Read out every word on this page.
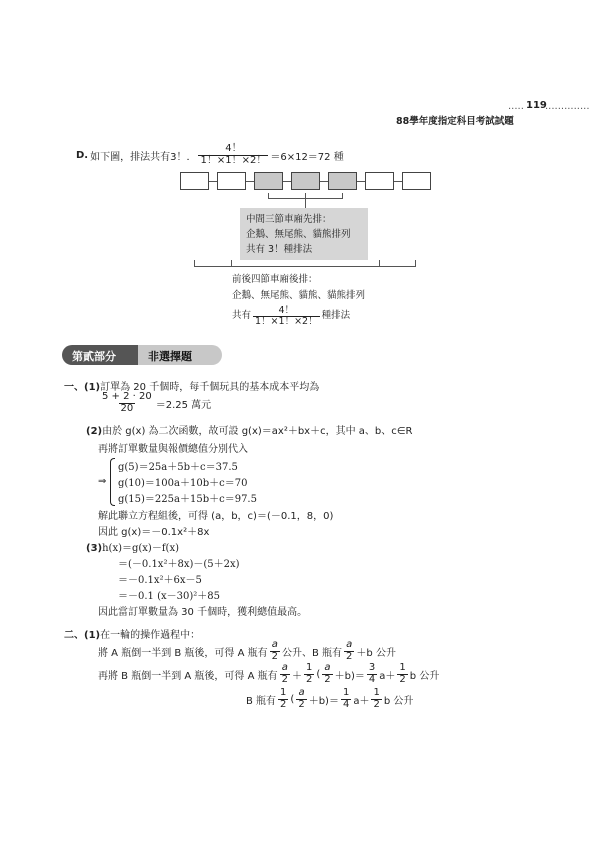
····· 119
··············
88學年度指定科目考試試題
D. 如下圖，排法共有3！． $\frac{4!}{1!\times 1!\times 2!} =6\times 12=72$ 種
中間三節車廂先排：
企鵝、無尾熊、貓熊排列
共有 3！種排法
前後四節車廂後排：
企鵝、無尾熊、貓熊、貓熊排列
共有 $\frac{4!}{1!\times 1!\times 2!}$ 種排法
第貳部分	非選擇題
一、(1)訂單為 20 千個時，每千個玩具的基本成本平均為
$\frac{5 + 2 \cdot 20}{20} =2.25$ 萬元
(2)由於 g(x) 為二次函數，故可設 g(x)＝ax²＋bx＋c，其中 a、b、c∈R
再將訂單數量與報價總值分別代入
⇒
g(5)＝25a＋5b＋c＝37.5
g(10)＝100a＋10b＋c＝70
g(15)＝225a＋15b＋c＝97.5
解此聯立方程組後，可得 (a，b，c)＝(－0.1，8，0)
因此 g(x)＝－0.1x²＋8x
(3)h(x)＝g(x)－f(x)
＝(－0.1x²＋8x)－(5＋2x)
＝－0.1x²＋6x－5
＝－0.1 (x－30)²＋85
因此當訂單數量為 30 千個時，獲利總值最高。
二、(1)在一輪的操作過程中：
將 A 瓶倒一半到 B 瓶後，可得 A 瓶有 $\frac{a}{2}$ 公升、B 瓶有 $\frac{a}{2} +b$ 公升
再將 B 瓶倒一半到 A 瓶後，可得 A 瓶有 $\frac{a}{2} + \frac{1}{2}$ ( $\frac{a}{2} +b)= \frac{3}{4} a+ \frac{1}{2}$ b 公升
B 瓶有 $\frac{1}{2}$ ( $\frac{a}{2} +b)= \frac{1}{4} a+ \frac{1}{2}$ b 公升
